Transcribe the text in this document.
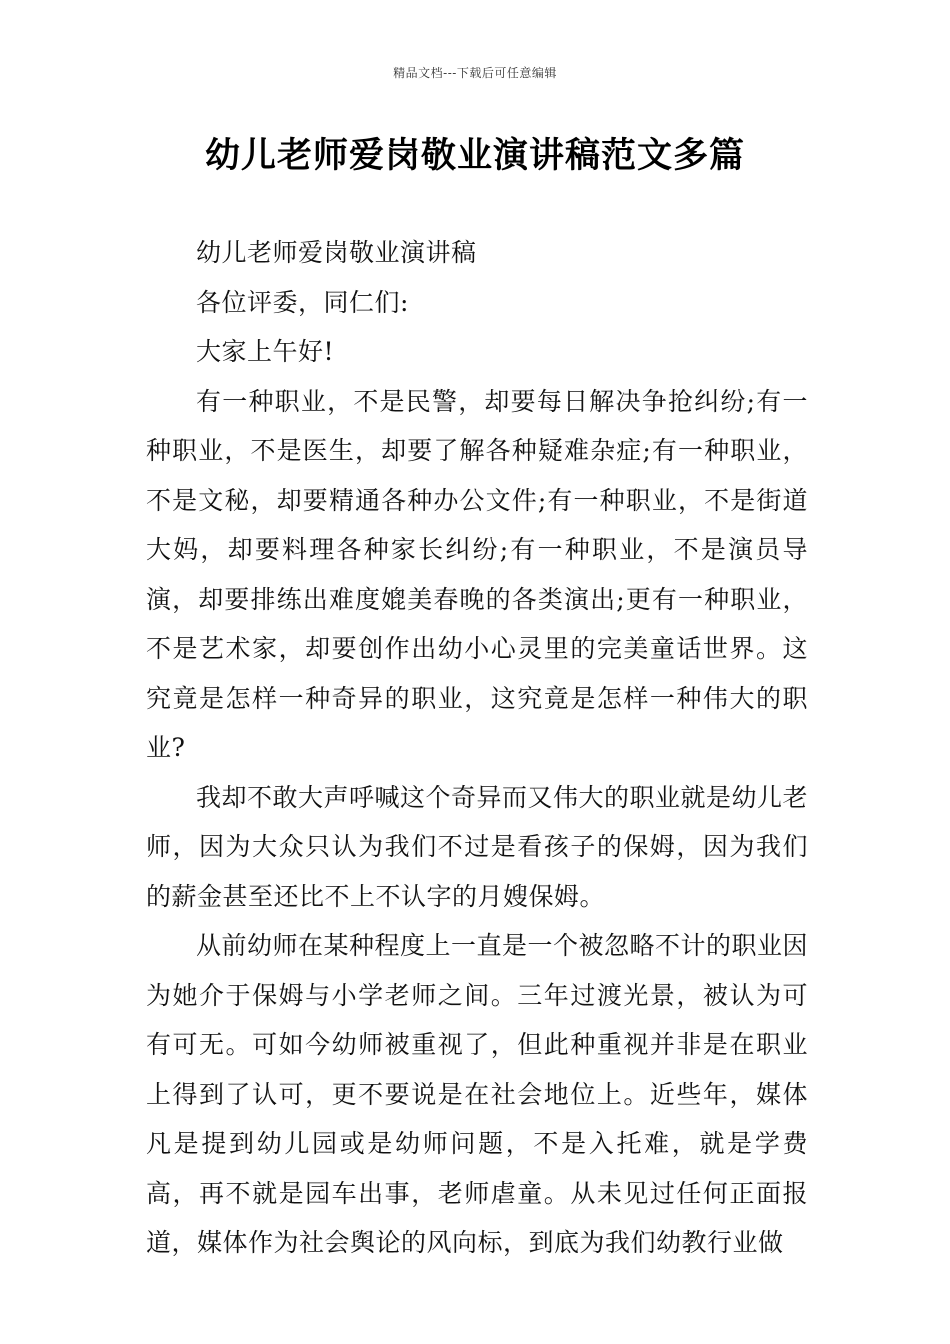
精品文档---下载后可任意编辑
幼儿老师爱岗敬业演讲稿范文多篇

幼儿老师爱岗敬业演讲稿

各位评委，同仁们:

大家上午好!

有一种职业，不是民警，却要每日解决争抢纠纷;有一种职业，不是医生，却要了解各种疑难杂症;有一种职业，不是文秘，却要精通各种办公文件;有一种职业，不是街道大妈，却要料理各种家长纠纷;有一种职业，不是演员导演，却要排练出难度媲美春晚的各类演出;更有一种职业，不是艺术家，却要创作出幼小心灵里的完美童话世界。这究竟是怎样一种奇异的职业，这究竟是怎样一种伟大的职业?

我却不敢大声呼喊这个奇异而又伟大的职业就是幼儿老师，因为大众只认为我们不过是看孩子的保姆，因为我们的薪金甚至还比不上不认字的月嫂保姆。

从前幼师在某种程度上一直是一个被忽略不计的职业因为她介于保姆与小学老师之间。三年过渡光景，被认为可有可无。可如今幼师被重视了，但此种重视并非是在职业上得到了认可，更不要说是在社会地位上。近些年，媒体凡是提到幼儿园或是幼师问题，不是入托难，就是学费高，再不就是园车出事，老师虐童。从未见过任何正面报道，媒体作为社会舆论的风向标，到底为我们幼教行业做
